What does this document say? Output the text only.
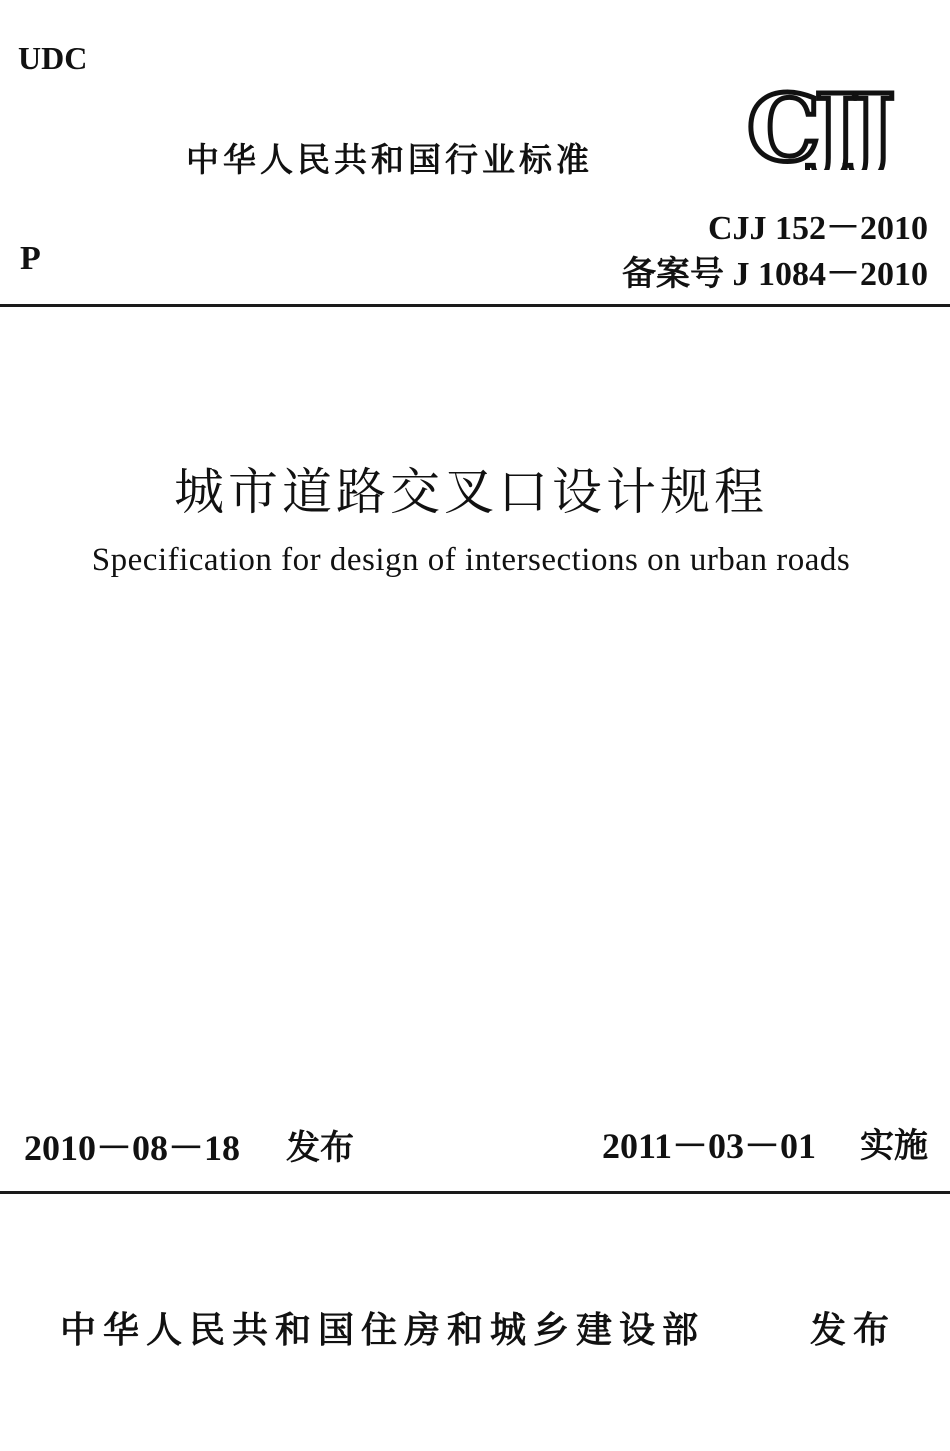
UDC
中华人民共和国行业标准 CJJ
CJJ 152－2010
P	备案号 J 1084－2010
城市道路交叉口设计规程
Specification for design of intersections on urban roads
2010－08－18 发布	2011－03－01 实施
中华人民共和国住房和城乡建设部	发布
